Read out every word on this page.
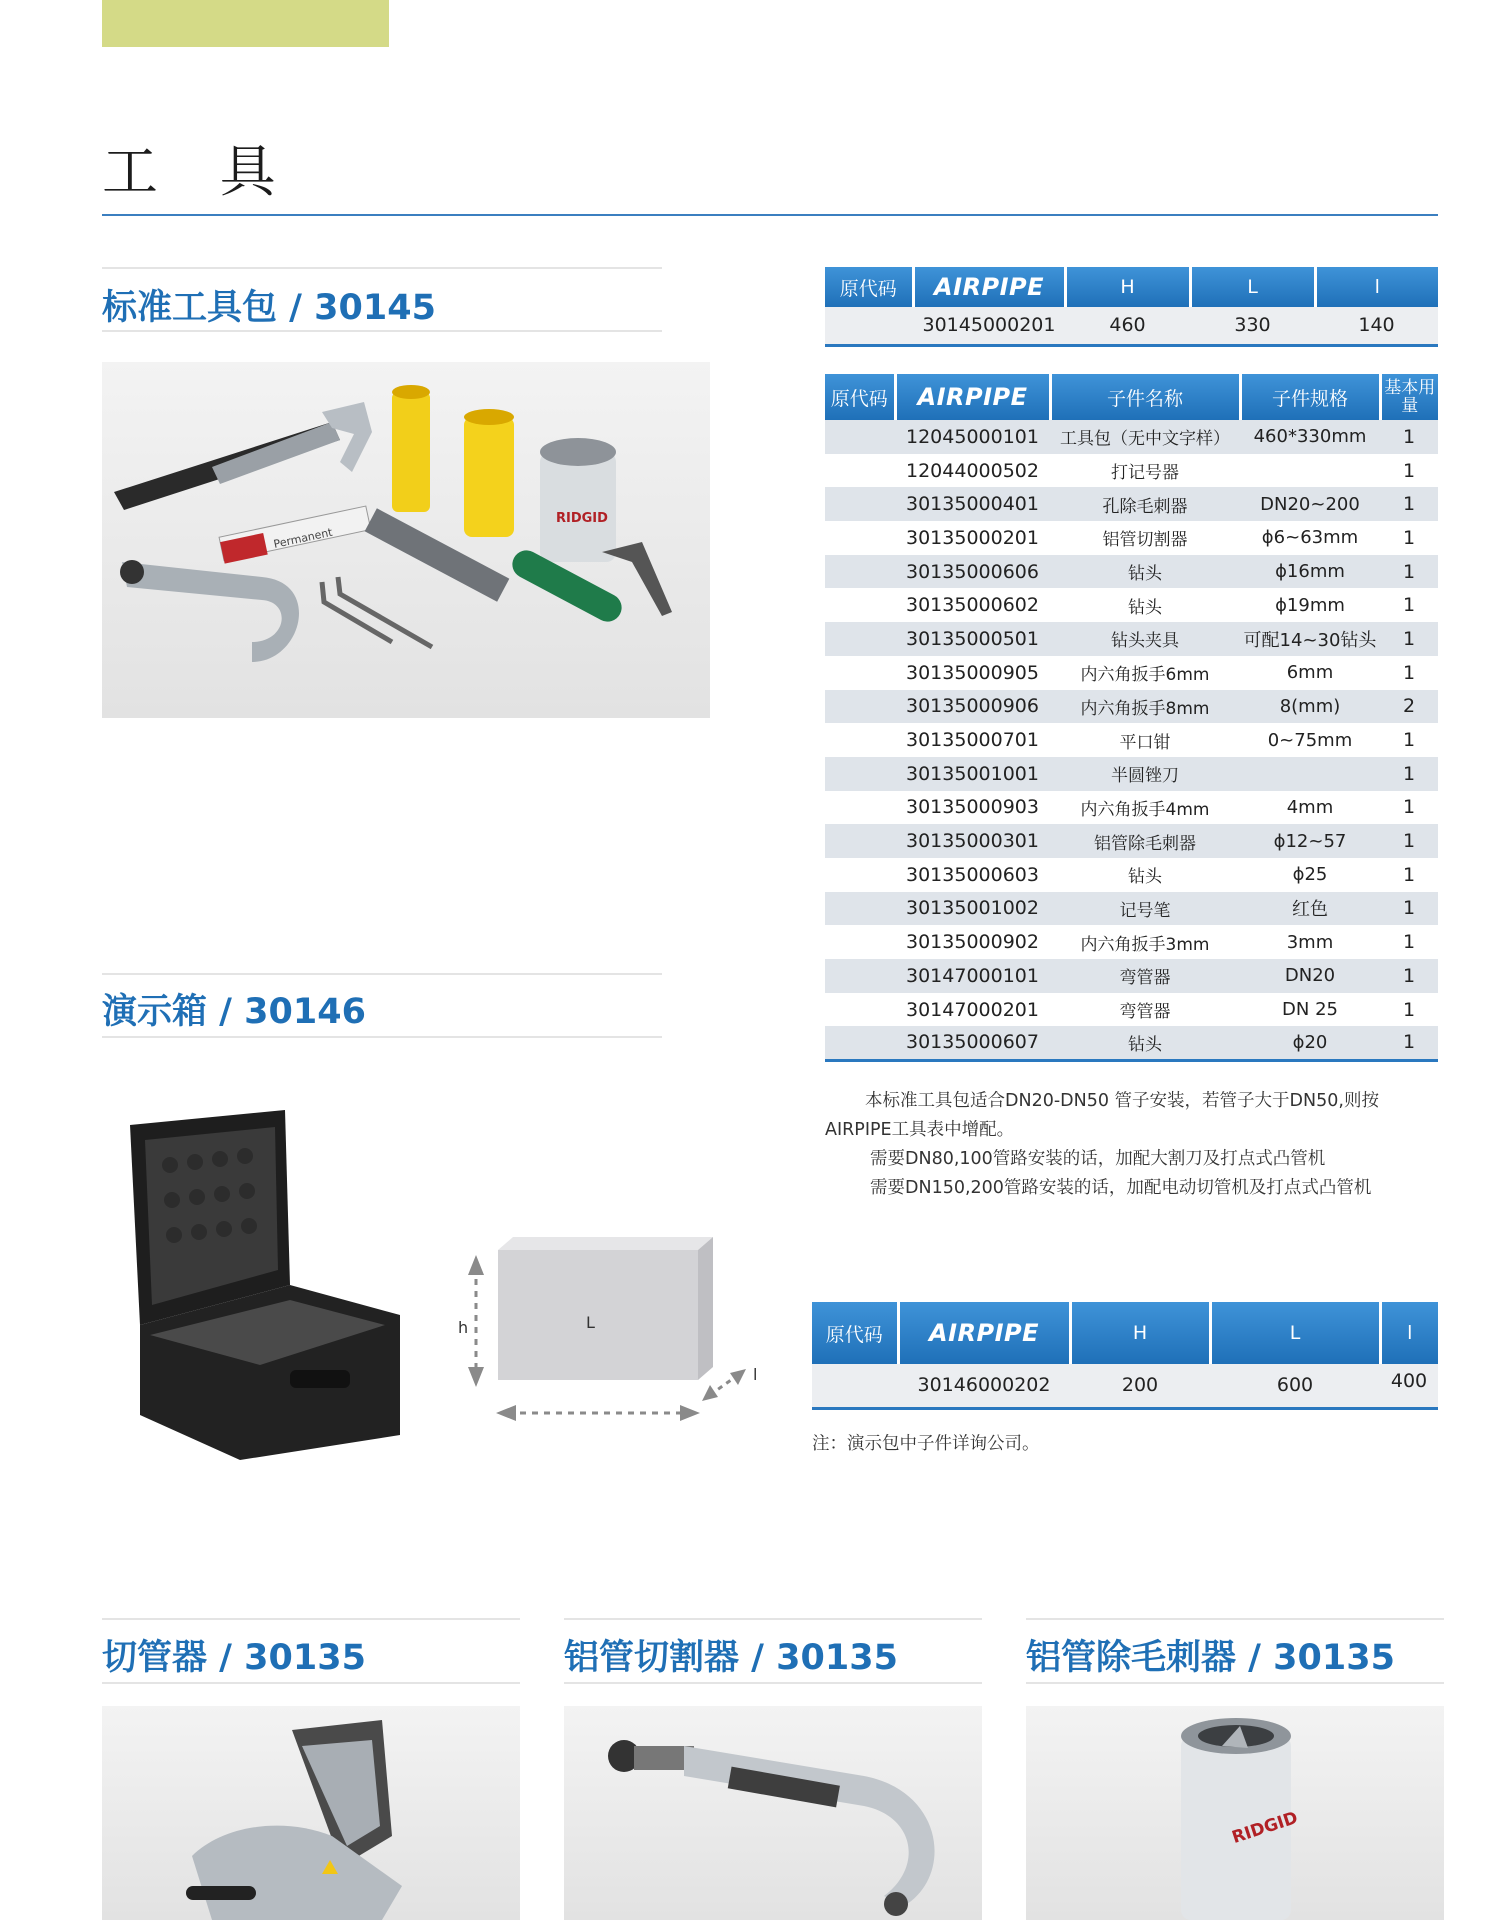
工 具
标准工具包 / 30145
Permanent
RIDGID
原代码	AIRPIPE	H	L	l
	30145000201	460	330	140
原代码	AIRPIPE	子件名称	子件规格	基本用量
	12045000101	工具包（无中文字样）	460*330mm	1
	12044000502	打记号器		1
	30135000401	孔除毛刺器	DN20~200	1
	30135000201	铝管切割器	ϕ6~63mm	1
	30135000606	钻头	ϕ16mm	1
	30135000602	钻头	ϕ19mm	1
	30135000501	钻头夹具	可配14~30钻头	1
	30135000905	内六角扳手6mm	6mm	1
	30135000906	内六角扳手8mm	8(mm)	2
	30135000701	平口钳	0~75mm	1
	30135001001	半圆锉刀		1
	30135000903	内六角扳手4mm	4mm	1
	30135000301	铝管除毛刺器	ϕ12~57	1
	30135000603	钻头	ϕ25	1
	30135001002	记号笔	红色	1
	30135000902	内六角扳手3mm	3mm	1
	30147000101	弯管器	DN20	1
	30147000201	弯管器	DN 25	1
	30135000607	钻头	ϕ20	1

本标准工具包适合DN20-DN50 管子安装，若管子大于DN50,则按

AIRPIPE工具表中增配。

需要DN80,100管路安装的话，加配大割刀及打点式凸管机

需要DN150,200管路安装的话，加配电动切管机及打点式凸管机

演示箱 / 30146
h	L
l
原代码	AIRPIPE	H	L	l
	30146000202	200	600	400
注：演示包中子件详询公司。
切管器 / 30135	铝管切割器 / 30135	铝管除毛刺器 / 30135
RIDGID
